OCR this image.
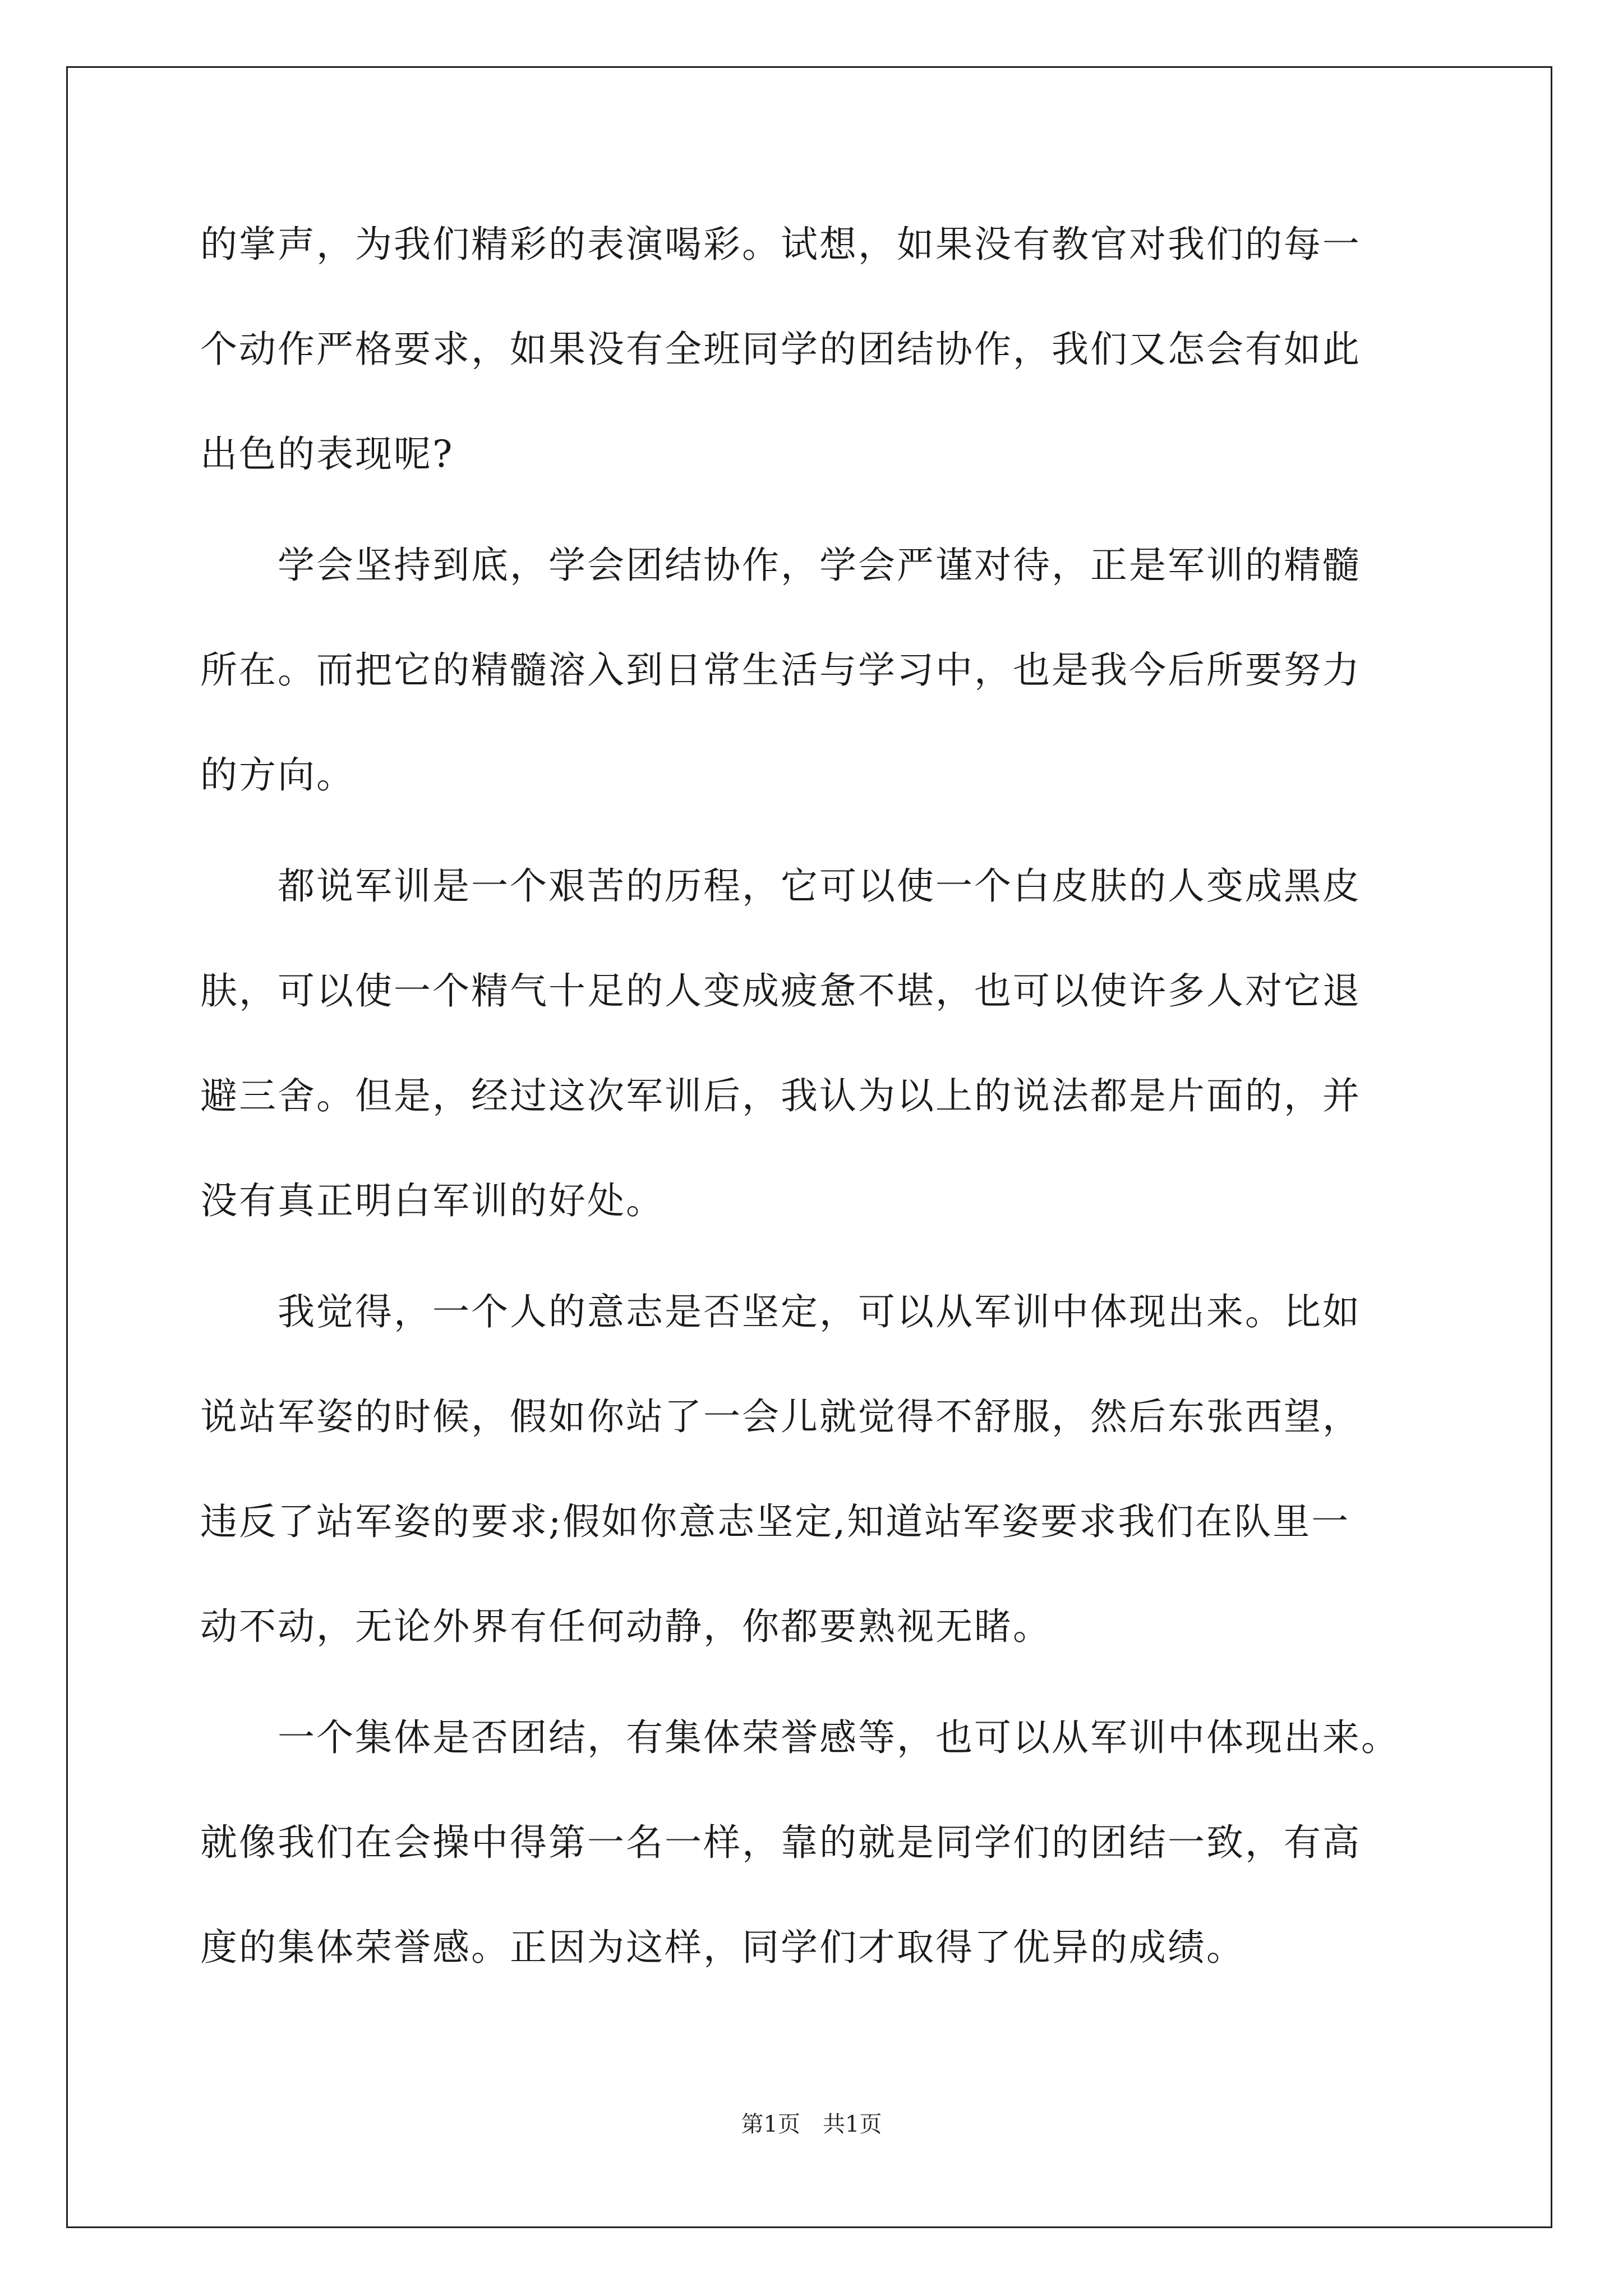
的掌声，为我们精彩的表演喝彩。试想，如果没有教官对我们的每一
个动作严格要求，如果没有全班同学的团结协作，我们又怎会有如此
出色的表现呢?
　　学会坚持到底，学会团结协作，学会严谨对待，正是军训的精髓
所在。而把它的精髓溶入到日常生活与学习中，也是我今后所要努力
的方向。
　　都说军训是一个艰苦的历程，它可以使一个白皮肤的人变成黑皮
肤，可以使一个精气十足的人变成疲惫不堪，也可以使许多人对它退
避三舍。但是，经过这次军训后，我认为以上的说法都是片面的，并
没有真正明白军训的好处。
　　我觉得，一个人的意志是否坚定，可以从军训中体现出来。比如
说站军姿的时候，假如你站了一会儿就觉得不舒服，然后东张西望，
违反了站军姿的要求;假如你意志坚定,知道站军姿要求我们在队里一
动不动，无论外界有任何动静，你都要熟视无睹。
　　一个集体是否团结，有集体荣誉感等，也可以从军训中体现出来。
就像我们在会操中得第一名一样，靠的就是同学们的团结一致，有高
度的集体荣誉感。正因为这样，同学们才取得了优异的成绩。
第1页　共1页
